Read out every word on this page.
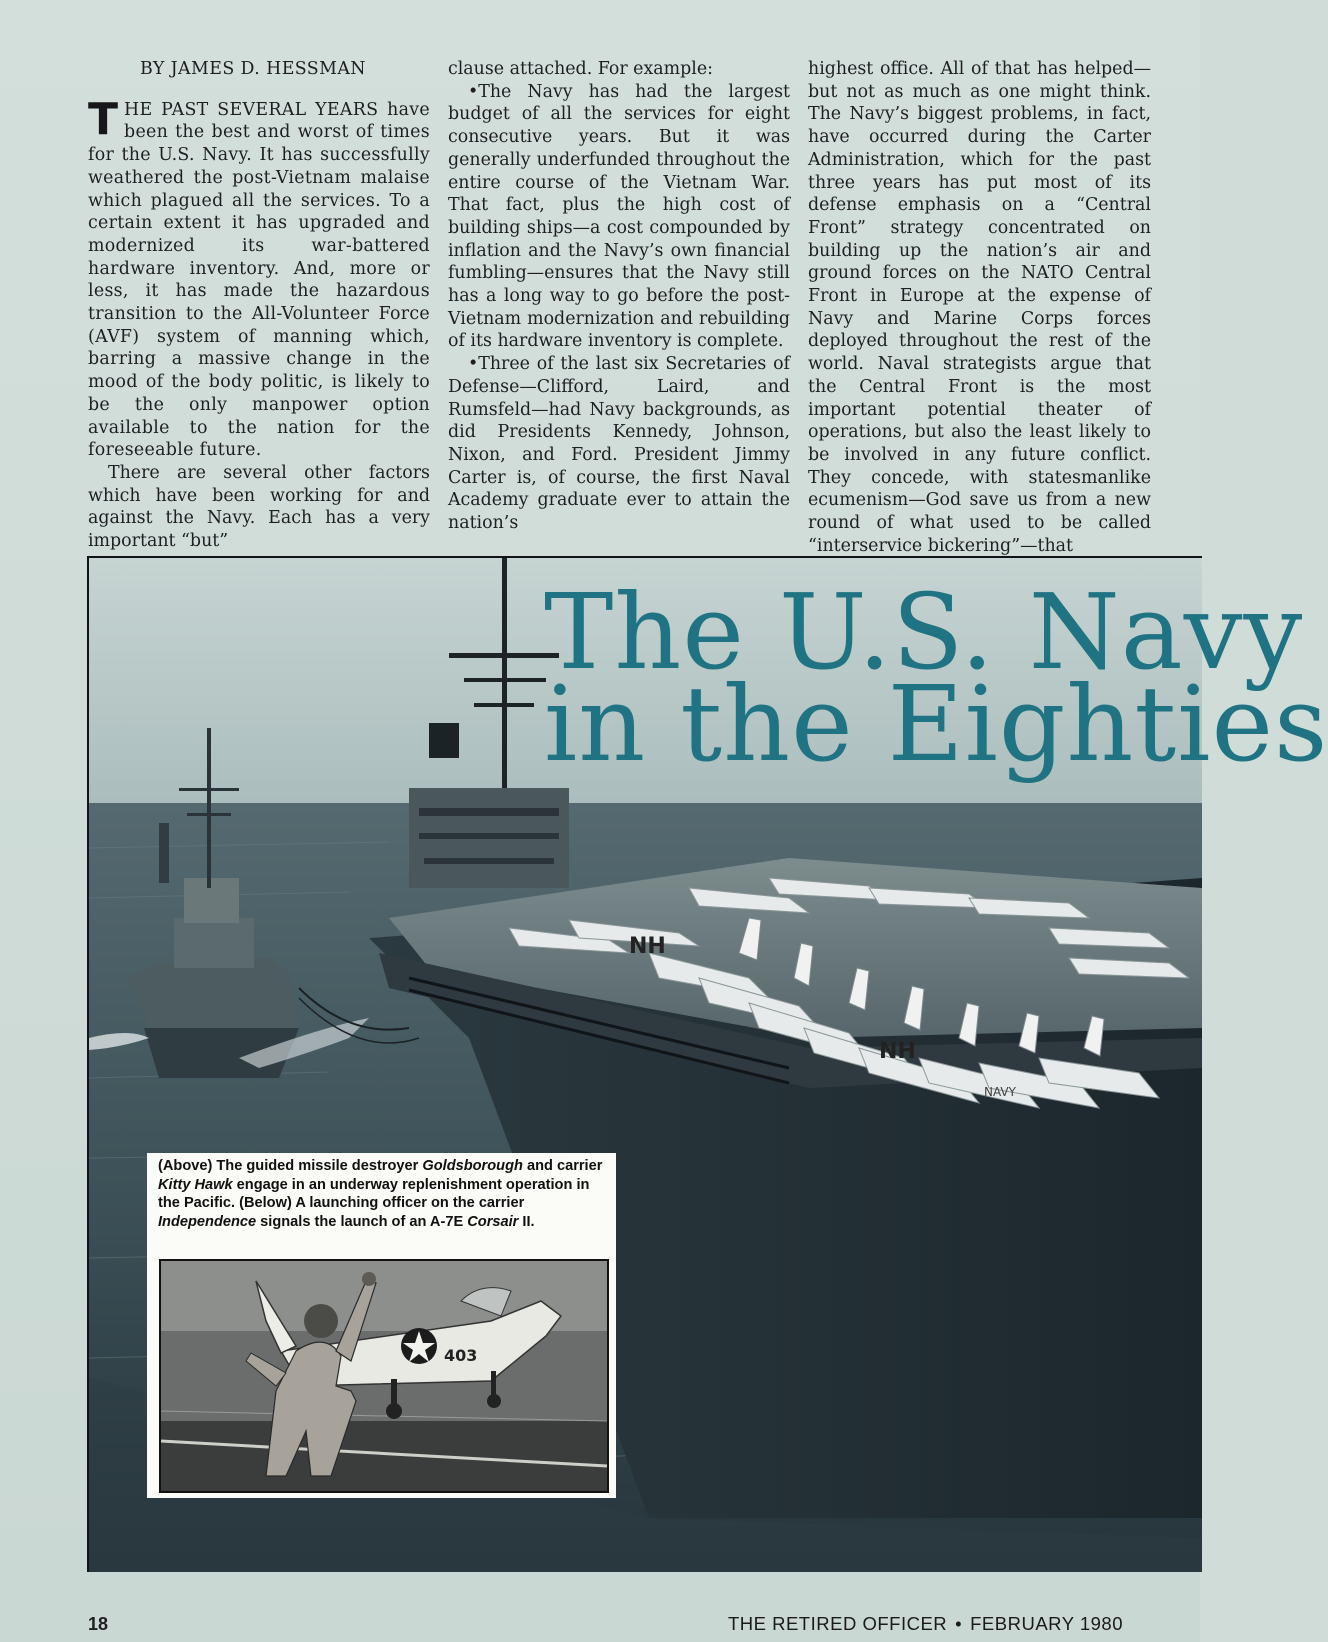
BY JAMES D. HESSMAN

THE PAST SEVERAL YEARS have been the best and worst of times for the U.S. Navy. It has successfully weathered the post-Vietnam malaise which plagued all the services. To a certain extent it has upgraded and modernized its war-battered hardware inventory. And, more or less, it has made the hazardous transition to the All-Volunteer Force (AVF) system of manning which, barring a massive change in the mood of the body politic, is likely to be the only manpower option available to the nation for the foreseeable future.

There are several other factors which have been working for and against the Navy. Each has a very important “but”

clause attached. For example:

•The Navy has had the largest budget of all the services for eight consecutive years. But it was generally underfunded throughout the entire course of the Vietnam War. That fact, plus the high cost of building ships—a cost compounded by inflation and the Navy’s own financial fumbling—ensures that the Navy still has a long way to go before the post-Vietnam modernization and rebuilding of its hardware inventory is complete.

•Three of the last six Secretaries of Defense—Clifford, Laird, and Rumsfeld—had Navy backgrounds, as did Presidents Kennedy, Johnson, Nixon, and Ford. President Jimmy Carter is, of course, the first Naval Academy graduate ever to attain the nation’s

highest office. All of that has helped—but not as much as one might think. The Navy’s biggest problems, in fact, have occurred during the Carter Administration, which for the past three years has put most of its defense emphasis on a “Central Front” strategy concentrated on building up the nation’s air and ground forces on the NATO Central Front in Europe at the expense of Navy and Marine Corps forces deployed throughout the rest of the world. Naval strategists argue that the Central Front is the most important potential theater of operations, but also the least likely to be involved in any future conflict. They concede, with statesmanlike ecumenism—God save us from a new round of what used to be called “interservice bickering”—that

NH
NH
NAVY
The U.S. Navy
in the Eighties
(Above) The guided missile destroyer Goldsborough and carrier Kitty Hawk engage in an underway replenishment operation in the Pacific. (Below) A launching officer on the carrier Independence signals the launch of an A-7E Corsair II.
403
18	THE RETIRED OFFICER • FEBRUARY 1980
